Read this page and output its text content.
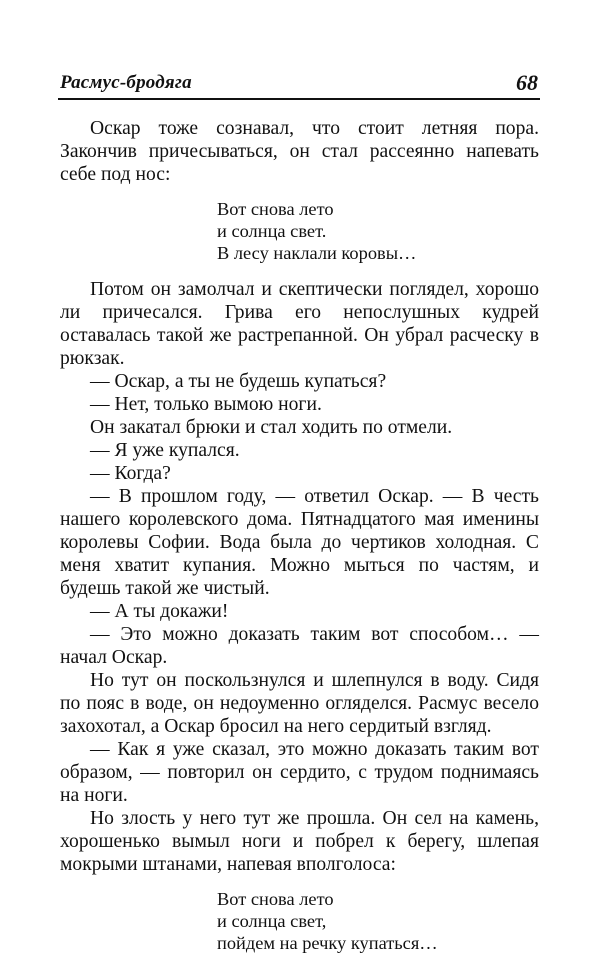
Расмус-бродяга	68

Оскар тоже сознавал, что стоит летняя пора. Закончив причесываться, он стал рассеянно напевать себе под нос:

Вот снова лето
и солнца свет.
В лесу наклали коровы…

Потом он замолчал и скептически поглядел, хорошо ли причесался. Грива его непослушных кудрей оставалась такой же растрепанной. Он убрал расческу в рюкзак.

— Оскар, а ты не будешь купаться?

— Нет, только вымою ноги.

Он закатал брюки и стал ходить по отмели.

— Я уже купался.

— Когда?

— В прошлом году, — ответил Оскар. — В честь нашего королевского дома. Пятнадцатого мая именины королевы Софии. Вода была до чертиков холодная. С меня хватит купания. Можно мыться по частям, и будешь такой же чистый.

— А ты докажи!

— Это можно доказать таким вот способом… — начал Оскар.

Но тут он поскользнулся и шлепнулся в воду. Сидя по пояс в воде, он недоуменно огляделся. Расмус весело захохотал, а Оскар бросил на него сердитый взгляд.

— Как я уже сказал, это можно доказать таким вот образом, — повторил он сердито, с трудом поднимаясь на ноги.

Но злость у него тут же прошла. Он сел на камень, хорошенько вымыл ноги и побрел к берегу, шлепая мокрыми штанами, напевая вполголоса:

Вот снова лето
и солнца свет,
пойдем на речку купаться…
